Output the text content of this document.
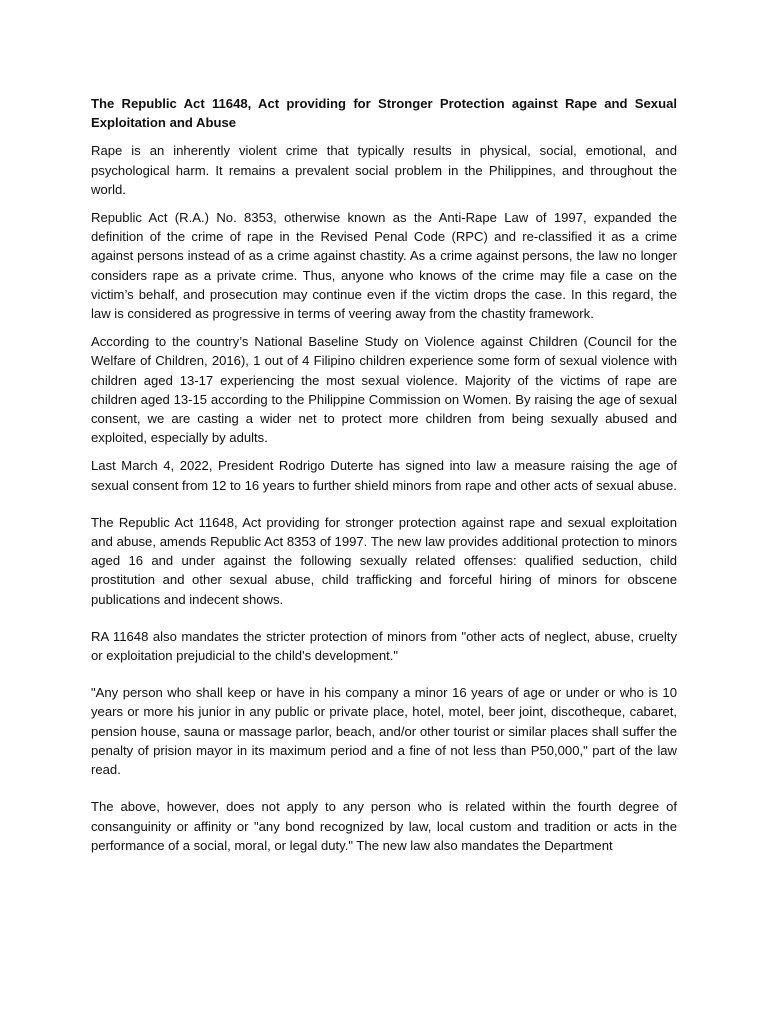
The Republic Act 11648, Act providing for Stronger Protection against Rape and Sexual Exploitation and Abuse

Rape is an inherently violent crime that typically results in physical, social, emotional, and psychological harm. It remains a prevalent social problem in the Philippines, and throughout the world.

Republic Act (R.A.) No. 8353, otherwise known as the Anti-Rape Law of 1997, expanded the definition of the crime of rape in the Revised Penal Code (RPC) and re-classified it as a crime against persons instead of as a crime against chastity. As a crime against persons, the law no longer considers rape as a private crime. Thus, anyone who knows of the crime may file a case on the victim’s behalf, and prosecution may continue even if the victim drops the case. In this regard, the law is considered as progressive in terms of veering away from the chastity framework.

According to the country’s National Baseline Study on Violence against Children (Council for the Welfare of Children, 2016), 1 out of 4 Filipino children experience some form of sexual violence with children aged 13-17 experiencing the most sexual violence. Majority of the victims of rape are children aged 13-15 according to the Philippine Commission on Women. By raising the age of sexual consent, we are casting a wider net to protect more children from being sexually abused and exploited, especially by adults.

Last March 4, 2022, President Rodrigo Duterte has signed into law a measure raising the age of sexual consent from 12 to 16 years to further shield minors from rape and other acts of sexual abuse.

The Republic Act 11648, Act providing for stronger protection against rape and sexual exploitation and abuse, amends Republic Act 8353 of 1997. The new law provides additional protection to minors aged 16 and under against the following sexually related offenses: qualified seduction, child prostitution and other sexual abuse, child trafficking and forceful hiring of minors for obscene publications and indecent shows.

RA 11648 also mandates the stricter protection of minors from "other acts of neglect, abuse, cruelty or exploitation prejudicial to the child's development."

"Any person who shall keep or have in his company a minor 16 years of age or under or who is 10 years or more his junior in any public or private place, hotel, motel, beer joint, discotheque, cabaret, pension house, sauna or massage parlor, beach, and/or other tourist or similar places shall suffer the penalty of prision mayor in its maximum period and a fine of not less than P50,000," part of the law read.

The above, however, does not apply to any person who is related within the fourth degree of consanguinity or affinity or "any bond recognized by law, local custom and tradition or acts in the performance of a social, moral, or legal duty." The new law also mandates the Department
